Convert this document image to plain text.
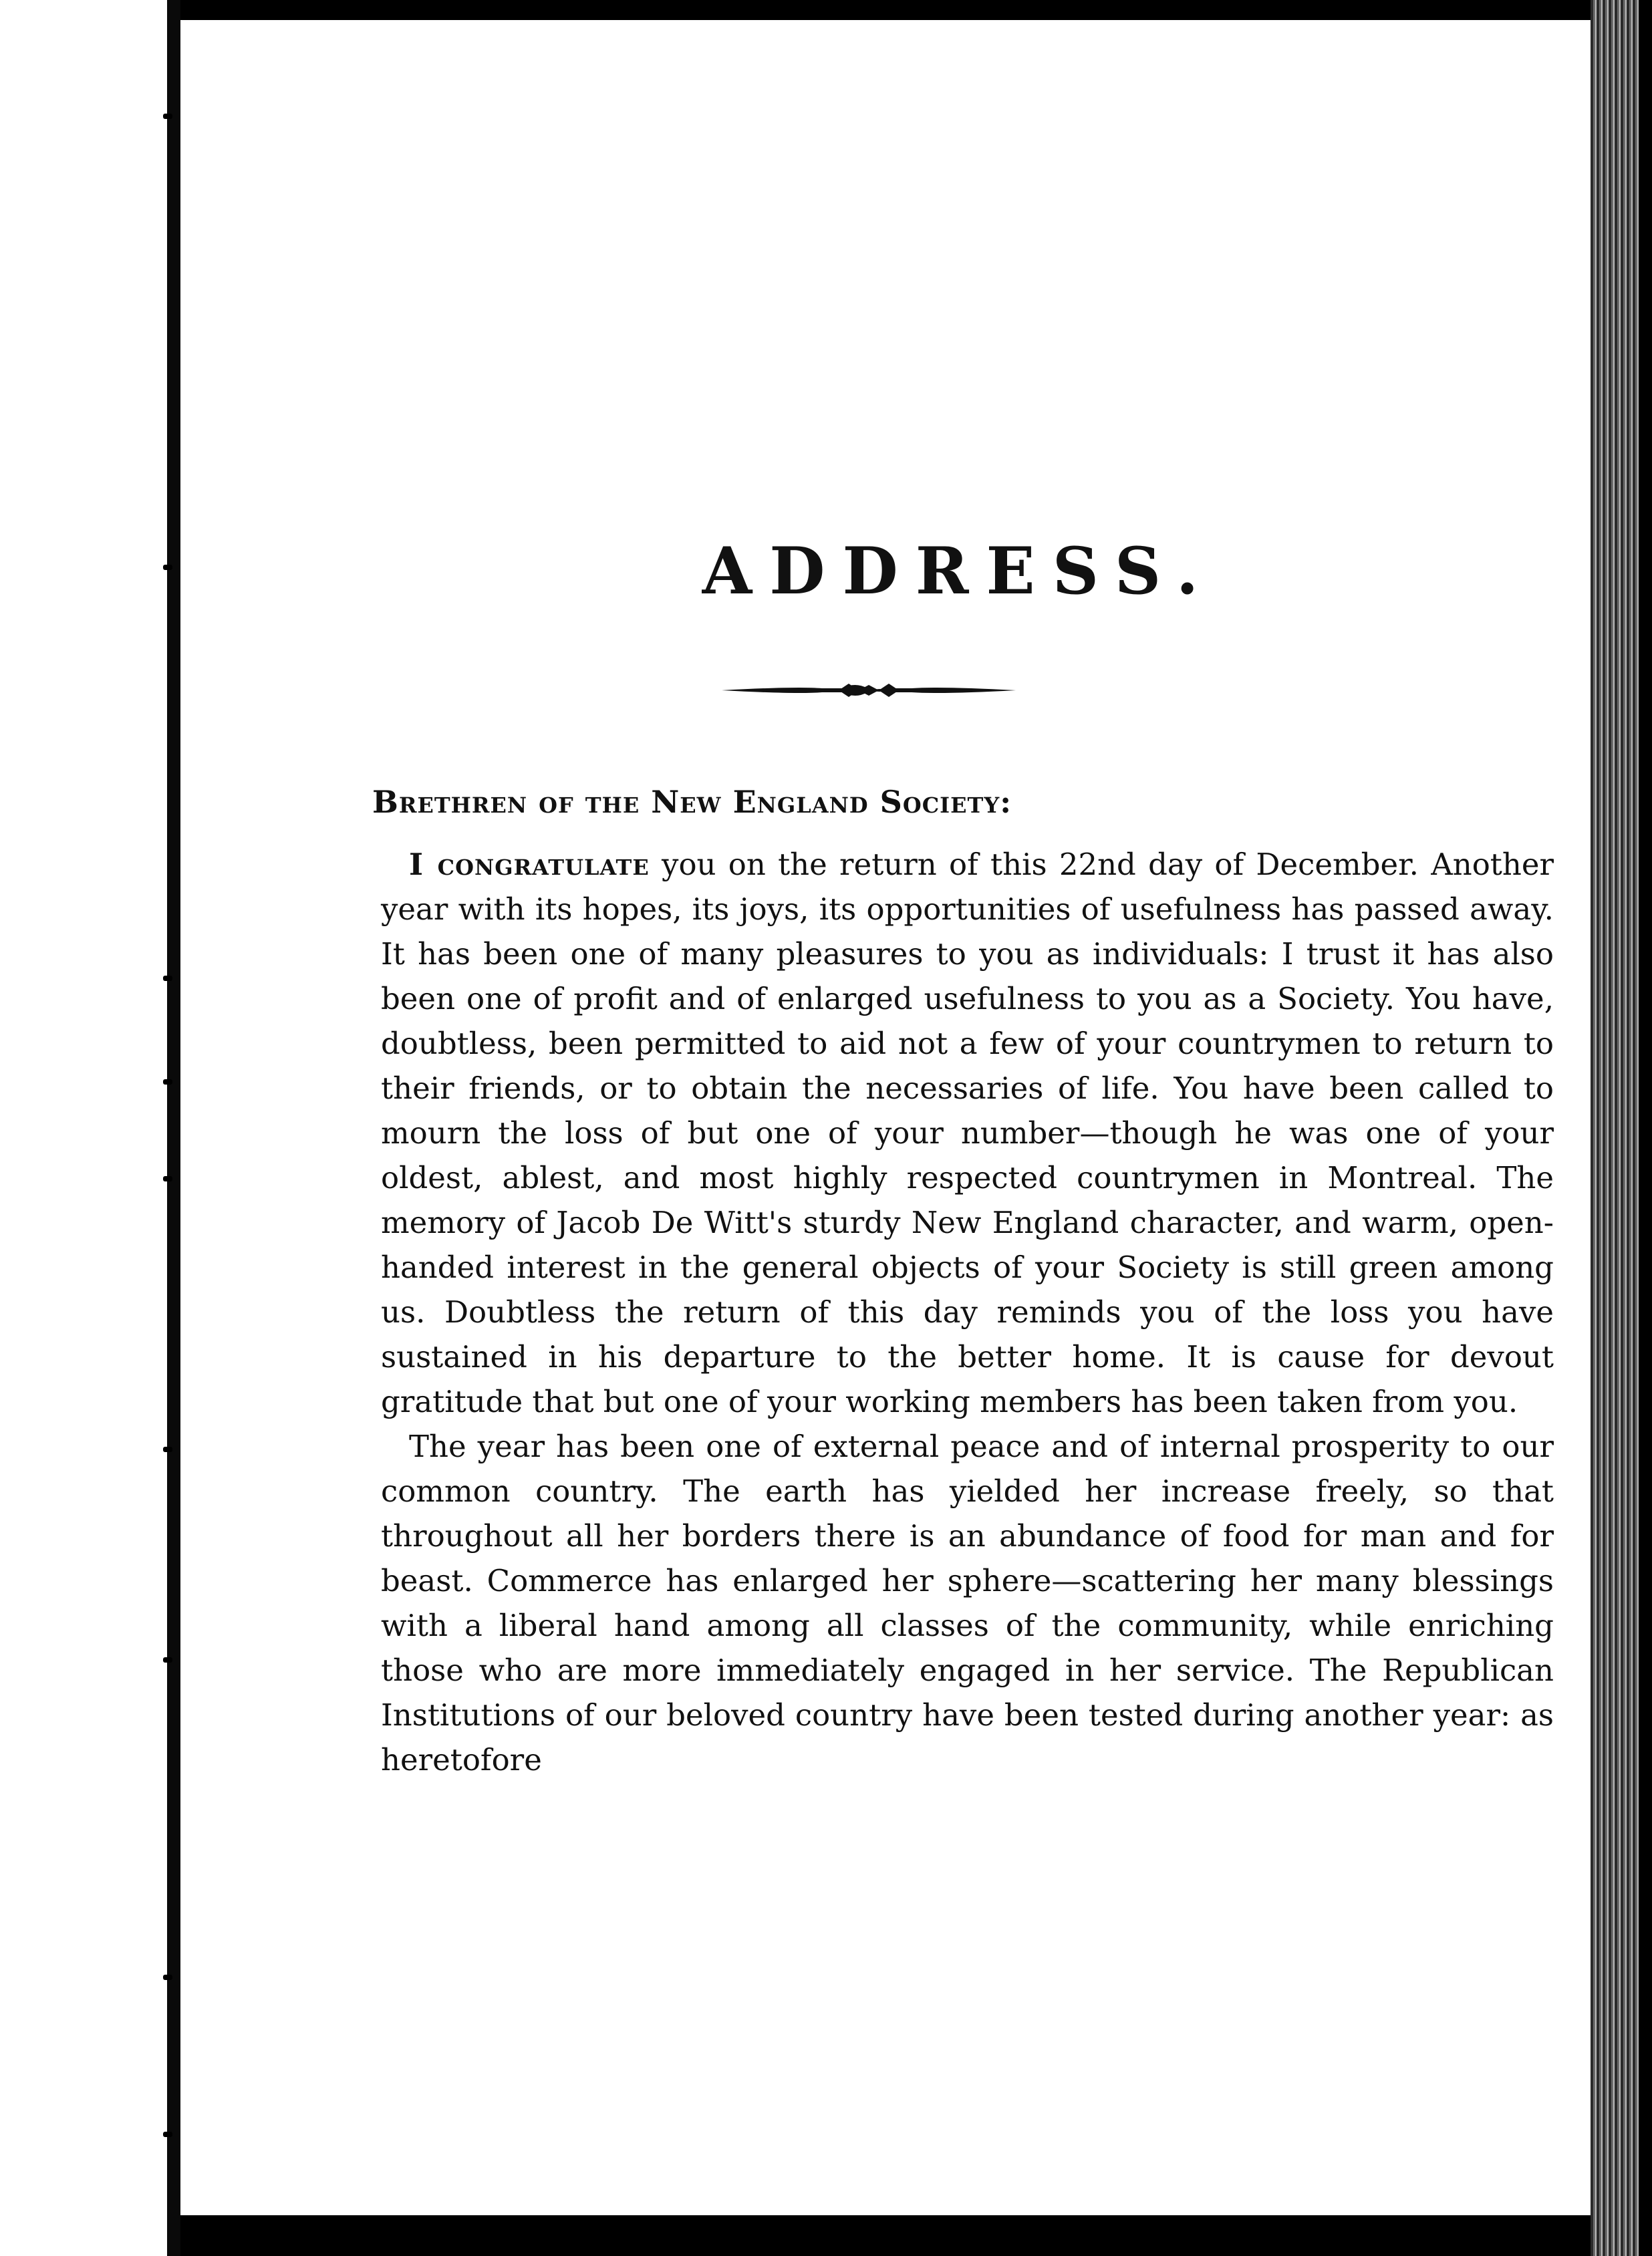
ADDRESS.
Brethren of the New England Society:

I congratulate you on the return of this 22nd day of December. Another year with its hopes, its joys, its opportunities of usefulness has passed away. It has been one of many pleasures to you as individuals: I trust it has also been one of profit and of enlarged usefulness to you as a Society. You have, doubtless, been permitted to aid not a few of your countrymen to return to their friends, or to obtain the necessaries of life. You have been called to mourn the loss of but one of your number—though he was one of your oldest, ablest, and most highly respected countrymen in Montreal. The memory of Jacob De Witt's sturdy New England character, and warm, open-handed interest in the general objects of your Society is still green among us. Doubtless the return of this day reminds you of the loss you have sustained in his departure to the better home. It is cause for devout gratitude that but one of your working members has been taken from you.

The year has been one of external peace and of internal prosperity to our common country. The earth has yielded her increase freely, so that throughout all her borders there is an abundance of food for man and for beast. Commerce has enlarged her sphere—scattering her many blessings with a liberal hand among all classes of the community, while enriching those who are more immediately engaged in her service. The Republican Institutions of our beloved country have been tested during another year: as heretofore
